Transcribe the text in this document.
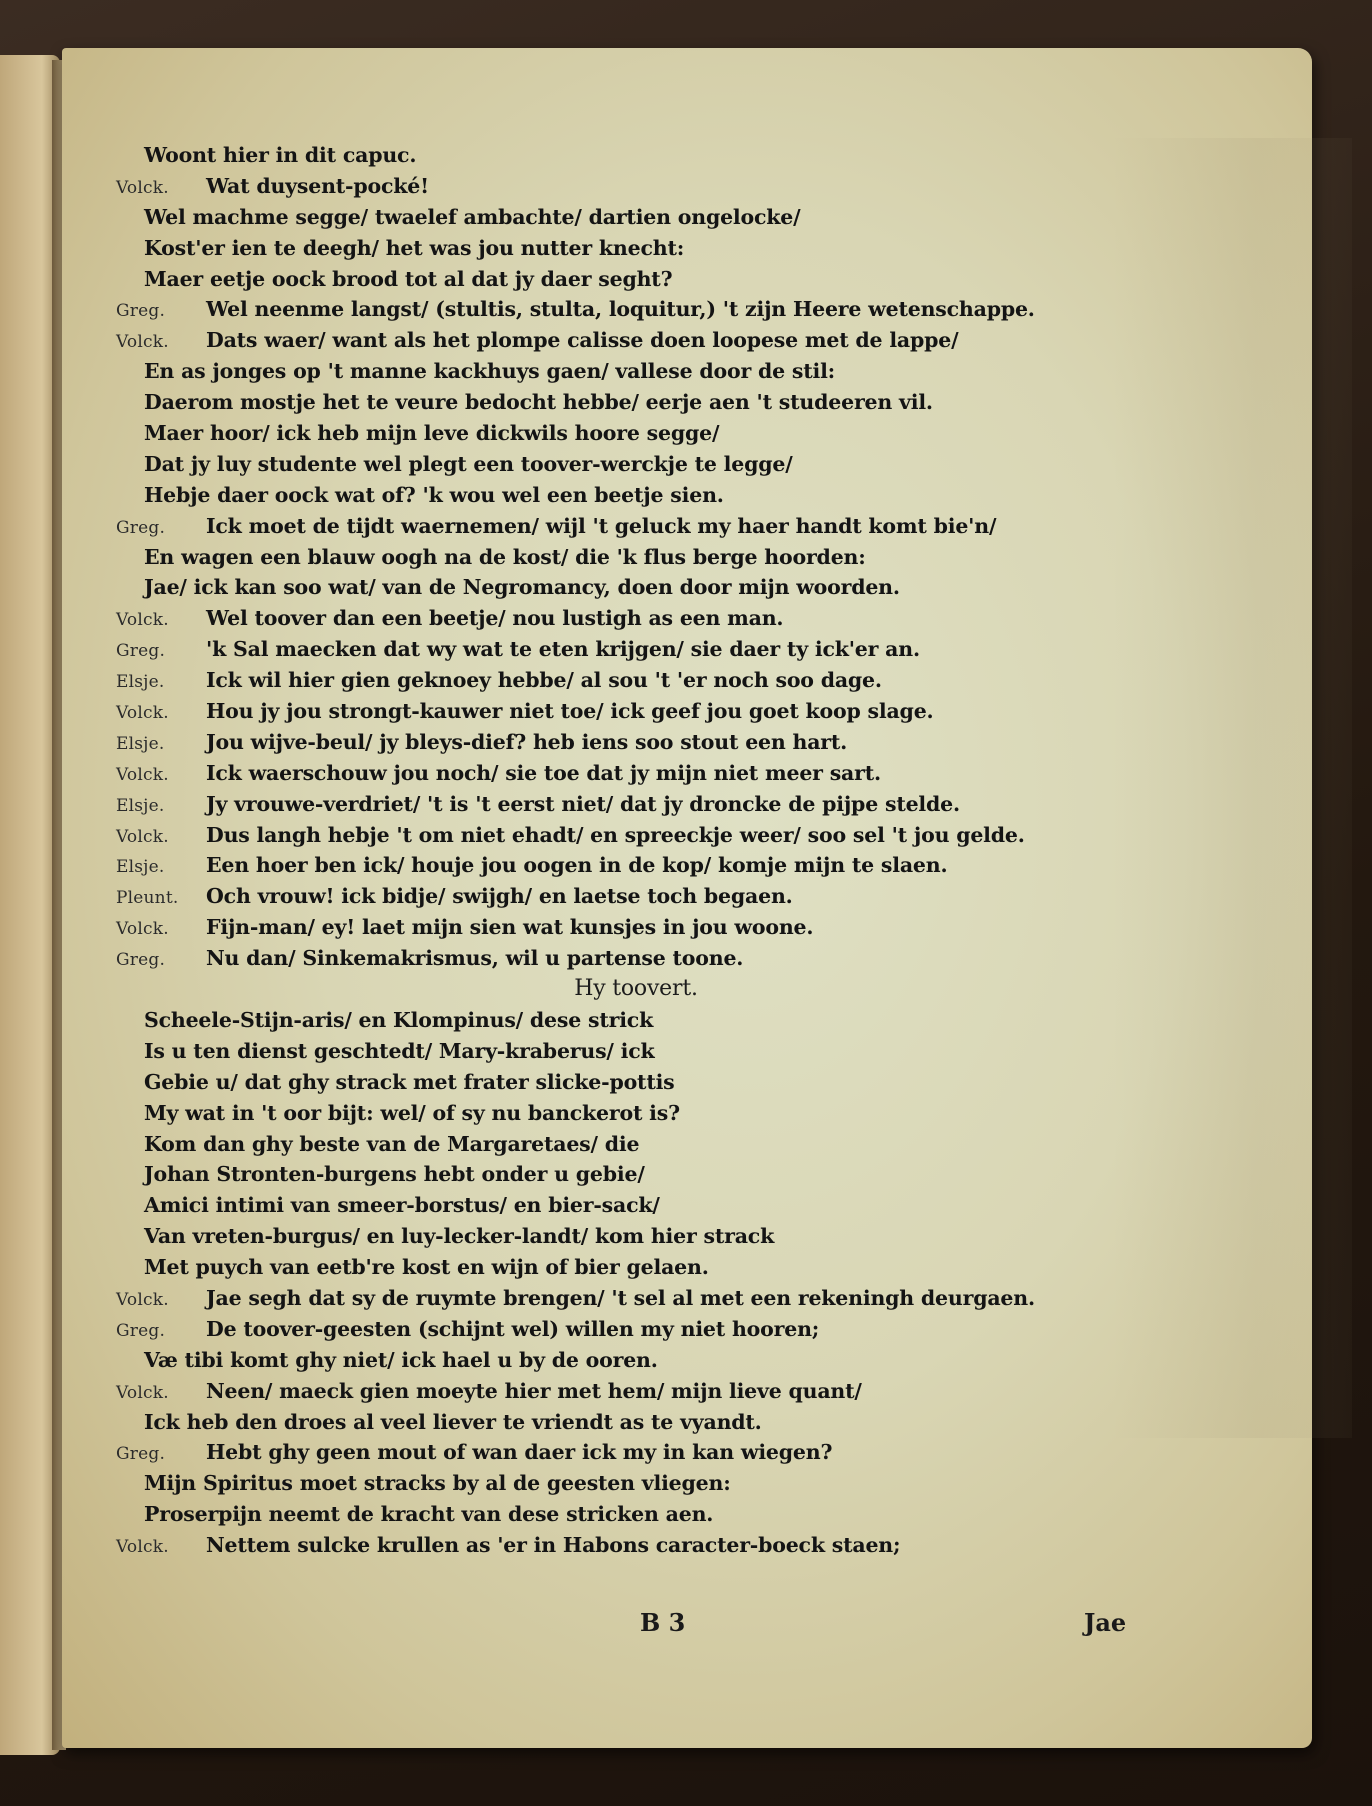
Woont hier in dit capuc.
Volck. Wat duysent-pocké!
Wel machme segge/ twaelef ambachte/ dartien ongelocke/
Kost'er ien te deegh/ het was jou nutter knecht:
Maer eetje oock brood tot al dat jy daer seght?
Greg. Wel neenme langst/ (stultis, stulta, loquitur,) 't zijn Heere wetenschappe.
Volck. Dats waer/ want als het plompe calisse doen loopese met de lappe/
En as jonges op 't manne kackhuys gaen/ vallese door de stil:
Daerom mostje het te veure bedocht hebbe/ eerje aen 't studeeren vil.
Maer hoor/ ick heb mijn leve dickwils hoore segge/
Dat jy luy studente wel plegt een toover-werckje te legge/
Hebje daer oock wat of? 'k wou wel een beetje sien.
Greg. Ick moet de tijdt waernemen/ wijl 't geluck my haer handt komt bie'n/
En wagen een blauw oogh na de kost/ die 'k flus berge hoorden:
Jae/ ick kan soo wat/ van de Negromancy, doen door mijn woorden.
Volck. Wel toover dan een beetje/ nou lustigh as een man.
Greg. 'k Sal maecken dat wy wat te eten krijgen/ sie daer ty ick'er an.
Elsje. Ick wil hier gien geknoey hebbe/ al sou 't 'er noch soo dage.
Volck. Hou jy jou strongt-kauwer niet toe/ ick geef jou goet koop slage.
Elsje. Jou wijve-beul/ jy bleys-dief? heb iens soo stout een hart.
Volck. Ick waerschouw jou noch/ sie toe dat jy mijn niet meer sart.
Elsje. Jy vrouwe-verdriet/ 't is 't eerst niet/ dat jy droncke de pijpe stelde.
Volck. Dus langh hebje 't om niet ehadt/ en spreeckje weer/ soo sel 't jou gelde.
Elsje. Een hoer ben ick/ houje jou oogen in de kop/ komje mijn te slaen.
Pleunt. Och vrouw! ick bidje/ swijgh/ en laetse toch begaen.
Volck. Fijn-man/ ey! laet mijn sien wat kunsjes in jou woone.
Greg. Nu dan/ Sinkemakrismus, wil u partense toone.
Hy toovert.
Scheele-Stijn-aris/ en Klompinus/ dese strick
Is u ten dienst geschtedt/ Mary-kraberus/ ick
Gebie u/ dat ghy strack met frater slicke-pottis
My wat in 't oor bijt: wel/ of sy nu banckerot is?
Kom dan ghy beste van de Margaretaes/ die
Johan Stronten-burgens hebt onder u gebie/
Amici intimi van smeer-borstus/ en bier-sack/
Van vreten-burgus/ en luy-lecker-landt/ kom hier strack
Met puych van eetb're kost en wijn of bier gelaen.
Volck. Jae segh dat sy de ruymte brengen/ 't sel al met een rekeningh deurgaen.
Greg. De toover-geesten (schijnt wel) willen my niet hooren;
Væ tibi komt ghy niet/ ick hael u by de ooren.
Volck. Neen/ maeck gien moeyte hier met hem/ mijn lieve quant/
Ick heb den droes al veel liever te vriendt as te vyandt.
Greg. Hebt ghy geen mout of wan daer ick my in kan wiegen?
Mijn Spiritus moet stracks by al de geesten vliegen:
Proserpijn neemt de kracht van dese stricken aen.
Volck. Nettem sulcke krullen as 'er in Habons caracter-boeck staen;
B 3	Jae
